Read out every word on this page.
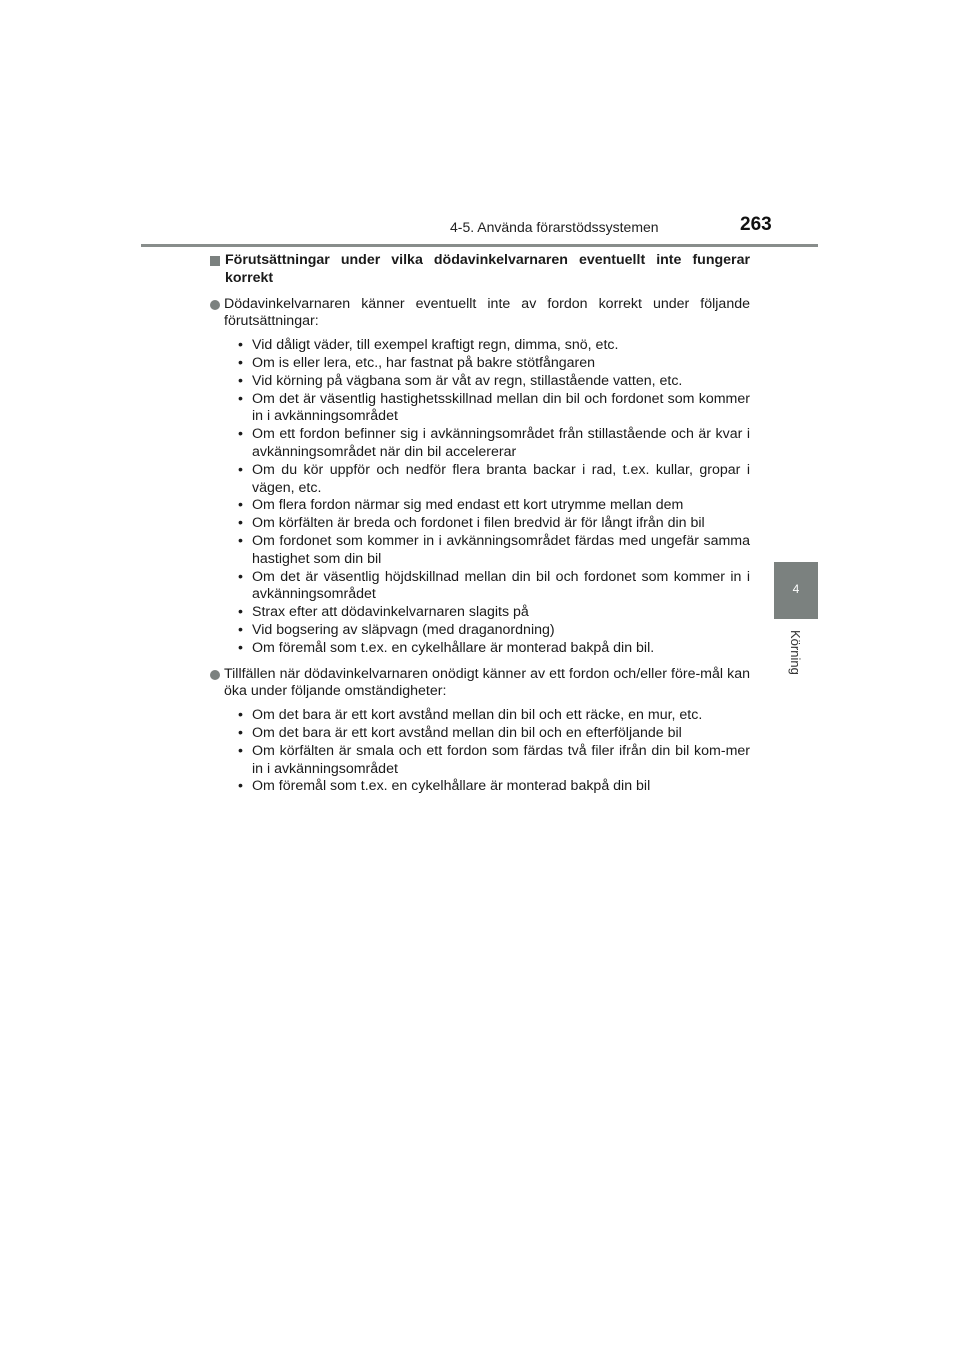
4-5. Använda förarstödssystemen	263
4
Körning
Förutsättningar under vilka dödavinkelvarnaren eventuellt inte fungerar korrekt
Dödavinkelvarnaren känner eventuellt inte av fordon korrekt under följande förutsättningar:
• Vid dåligt väder, till exempel kraftigt regn, dimma, snö, etc.
• Om is eller lera, etc., har fastnat på bakre stötfångaren
• Vid körning på vägbana som är våt av regn, stillastående vatten, etc.
• Om det är väsentlig hastighetsskillnad mellan din bil och fordonet som kommer in i avkänningsområdet
• Om ett fordon befinner sig i avkänningsområdet från stillastående och är kvar i avkänningsområdet när din bil accelererar
• Om du kör uppför och nedför flera branta backar i rad, t.ex. kullar, gropar i vägen, etc.
• Om flera fordon närmar sig med endast ett kort utrymme mellan dem
• Om körfälten är breda och fordonet i filen bredvid är för långt ifrån din bil
• Om fordonet som kommer in i avkänningsområdet färdas med ungefär samma hastighet som din bil
• Om det är väsentlig höjdskillnad mellan din bil och fordonet som kommer in i avkänningsområdet
• Strax efter att dödavinkelvarnaren slagits på
• Vid bogsering av släpvagn (med draganordning)
• Om föremål som t.ex. en cykelhållare är monterad bakpå din bil.
Tillfällen när dödavinkelvarnaren onödigt känner av ett fordon och/eller före-mål kan öka under följande omständigheter:
• Om det bara är ett kort avstånd mellan din bil och ett räcke, en mur, etc.
• Om det bara är ett kort avstånd mellan din bil och en efterföljande bil
• Om körfälten är smala och ett fordon som färdas två filer ifrån din bil kom-mer in i avkänningsområdet
• Om föremål som t.ex. en cykelhållare är monterad bakpå din bil
